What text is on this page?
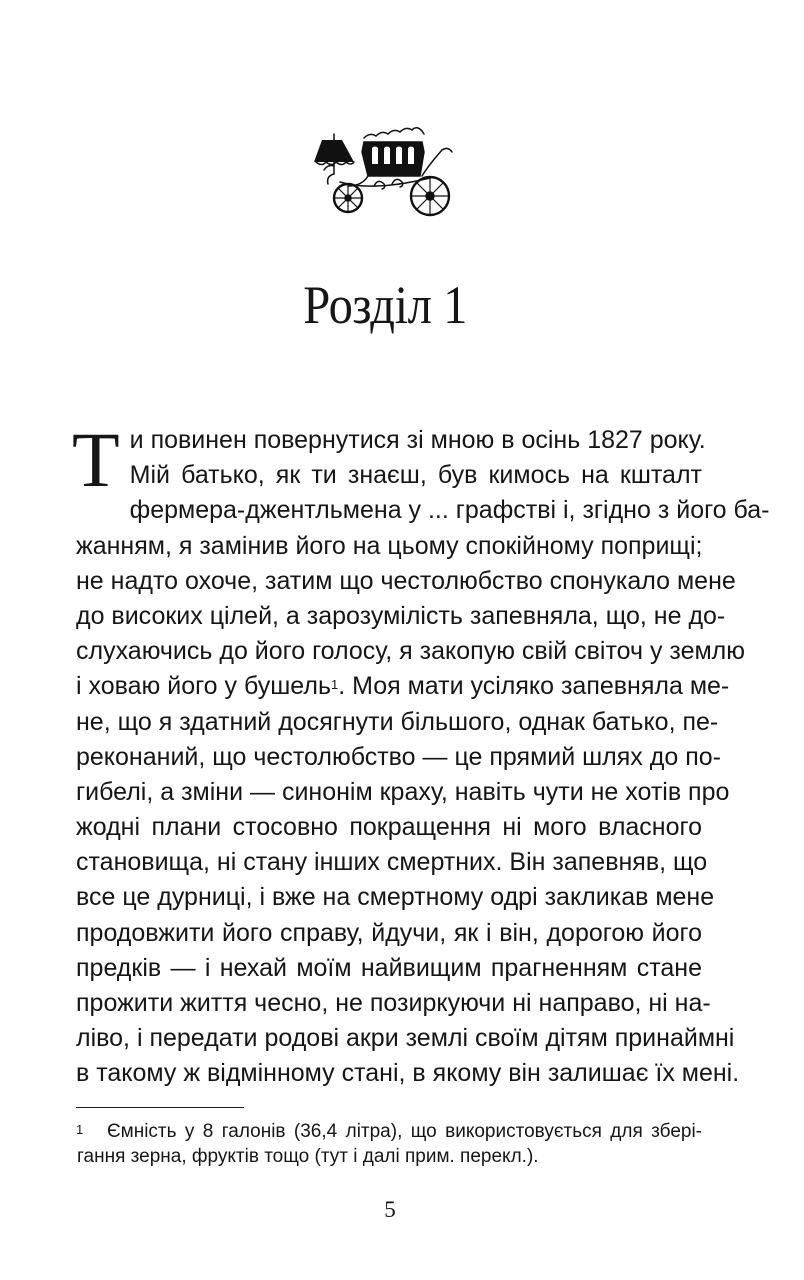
Розділ 1
Т и повинен повернутися зі мною в осінь 1827 року.
Мій батько, як ти знаєш, був кимось на кшталт
фермера-джентльмена у ... графстві і, згідно з його ба-
жанням, я замінив його на цьому спокійному поприщі;
не надто охоче, затим що честолюбство спонукало мене
до високих цілей, а зарозумілість запевняла, що, не до-
слухаючись до його голосу, я закопую свій світоч у землю
і ховаю його у бушель$^1$. Моя мати усіляко запевняла ме-
не, що я здатний досягнути більшого, однак батько, пе-
реконаний, що честолюбство — це прямий шлях до по-
гибелі, а зміни — синонім краху, навіть чути не хотів про
жодні плани стосовно покращення ні мого власного
становища, ні стану інших смертних. Він запевняв, що
все це дурниці, і вже на смертному одрі закликав мене
продовжити його справу, йдучи, як і він, дорогою його
предків — і нехай моїм найвищим прагненням стане
прожити життя чесно, не позиркуючи ні направо, ні на-
ліво, і передати родові акри землі своїм дітям принаймні
в такому ж відмінному стані, в якому він залишає їх мені.
1	Ємність у 8 галонів (36,4 літра), що використовується для збері-
гання зерна, фруктів тощо (тут і далі прим. перекл.).
5
